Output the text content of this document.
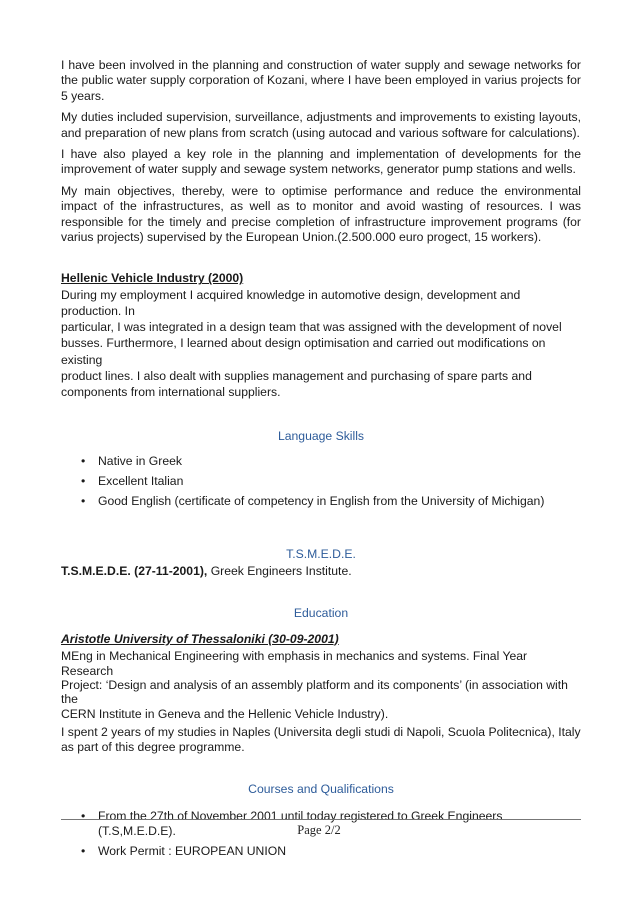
I have been involved in the planning and construction of water supply and sewage networks for the public water supply corporation of Kozani, where I have been employed in varius projects for 5 years.

My duties included supervision, surveillance, adjustments and improvements to existing layouts, and preparation of new plans from scratch (using autocad and various software for calculations).

I have also played a key role in the planning and implementation of developments for the improvement of water supply and sewage system networks, generator pump stations and wells.

My main objectives, thereby, were to optimise performance and reduce the environmental impact of the infrastructures, as well as to monitor and avoid wasting of resources. I was responsible for the timely and precise completion of infrastructure improvement programs (for varius projects) supervised by the European Union.(2.500.000 euro progect, 15 workers).

Hellenic Vehicle Industry (2000)
During my employment I acquired knowledge in automotive design, development and production. In
particular, I was integrated in a design team that was assigned with the development of novel
busses. Furthermore, I learned about design optimisation and carried out modifications on existing
product lines. I also dealt with supplies management and purchasing of spare parts and
components from international suppliers.
Language Skills
• Native in Greek
• Excellent Italian
• Good English (certificate of competency in English from the University of Michigan)
T.S.M.E.D.E.

T.S.M.E.D.E. (27-11-2001), Greek Engineers Institute.

Education
Aristotle University of Thessaloniki (30-09-2001)
MEng in Mechanical Engineering with emphasis in mechanics and systems. Final Year Research
Project: ‘Design and analysis of an assembly platform and its components’ (in association with the
CERN Institute in Geneva and the Hellenic Vehicle Industry).

I spent 2 years of my studies in Naples (Universita degli studi di Napoli, Scuola Politecnica), Italy as part of this degree programme.

Courses and Qualifications
• From the 27th of November 2001 until today registered to Greek Engineers (T.S,M.E.D.E).
• Work Permit : EUROPEAN UNION
Page 2/2
